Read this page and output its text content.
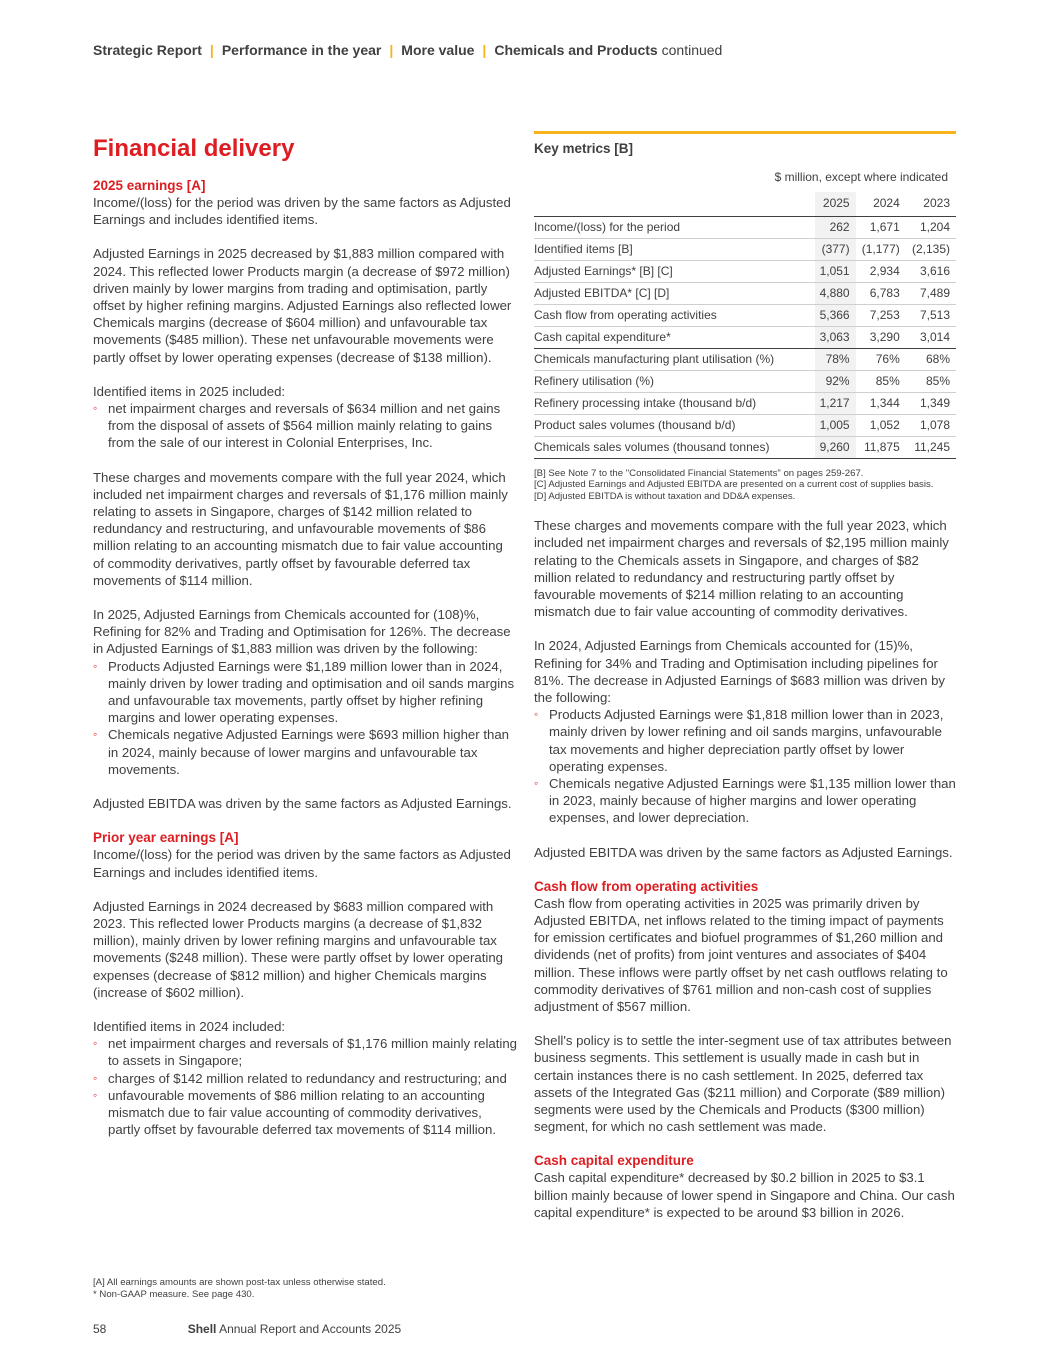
Strategic Report | Performance in the year | More value | Chemicals and Products continued
Financial delivery
2025 earnings [A]

Income/(loss) for the period was driven by the same factors as Adjusted Earnings and includes identified items.

Adjusted Earnings in 2025 decreased by $1,883 million compared with 2024. This reflected lower Products margin (a decrease of $972 million) driven mainly by lower margins from trading and optimisation, partly offset by higher refining margins. Adjusted Earnings also reflected lower Chemicals margins (decrease of $604 million) and unfavourable tax movements ($485 million). These net unfavourable movements were partly offset by lower operating expenses (decrease of $138 million).

Identified items in 2025 included:

◦ net impairment charges and reversals of $634 million and net gains from the disposal of assets of $564 million mainly relating to gains from the sale of our interest in Colonial Enterprises, Inc.

These charges and movements compare with the full year 2024, which included net impairment charges and reversals of $1,176 million mainly relating to assets in Singapore, charges of $142 million related to redundancy and restructuring, and unfavourable movements of $86 million relating to an accounting mismatch due to fair value accounting of commodity derivatives, partly offset by favourable deferred tax movements of $114 million.

In 2025, Adjusted Earnings from Chemicals accounted for (108)%, Refining for 82% and Trading and Optimisation for 126%. The decrease in Adjusted Earnings of $1,883 million was driven by the following:

◦ Products Adjusted Earnings were $1,189 million lower than in 2024, mainly driven by lower trading and optimisation and oil sands margins and unfavourable tax movements, partly offset by higher refining margins and lower operating expenses.
◦ Chemicals negative Adjusted Earnings were $693 million higher than in 2024, mainly because of lower margins and unfavourable tax movements.

Adjusted EBITDA was driven by the same factors as Adjusted Earnings.

Prior year earnings [A]

Income/(loss) for the period was driven by the same factors as Adjusted Earnings and includes identified items.

Adjusted Earnings in 2024 decreased by $683 million compared with 2023. This reflected lower Products margins (a decrease of $1,832 million), mainly driven by lower refining margins and unfavourable tax movements ($248 million). These were partly offset by lower operating expenses (decrease of $812 million) and higher Chemicals margins (increase of $602 million).

Identified items in 2024 included:

◦ net impairment charges and reversals of $1,176 million mainly relating to assets in Singapore;
◦ charges of $142 million related to redundancy and restructuring; and
◦ unfavourable movements of $86 million relating to an accounting mismatch due to fair value accounting of commodity derivatives, partly offset by favourable deferred tax movements of $114 million.
Key metrics [B]
$ million, except where indicated
	2025	2024	2023
Income/(loss) for the period	262	1,671	1,204
Identified items [B]	(377)	(1,177)	(2,135)
Adjusted Earnings* [B] [C]	1,051	2,934	3,616
Adjusted EBITDA* [C] [D]	4,880	6,783	7,489
Cash flow from operating activities	5,366	7,253	7,513
Cash capital expenditure*	3,063	3,290	3,014
Chemicals manufacturing plant utilisation (%)	78%	76%	68%
Refinery utilisation (%)	92%	85%	85%
Refinery processing intake (thousand b/d)	1,217	1,344	1,349
Product sales volumes (thousand b/d)	1,005	1,052	1,078
Chemicals sales volumes (thousand tonnes)	9,260	11,875	11,245
[B] See Note 7 to the "Consolidated Financial Statements" on pages 259-267.
[C] Adjusted Earnings and Adjusted EBITDA are presented on a current cost of supplies basis.
[D] Adjusted EBITDA is without taxation and DD&A expenses.

These charges and movements compare with the full year 2023, which included net impairment charges and reversals of $2,195 million mainly relating to the Chemicals assets in Singapore, and charges of $82 million related to redundancy and restructuring partly offset by favourable movements of $214 million relating to an accounting mismatch due to fair value accounting of commodity derivatives.

In 2024, Adjusted Earnings from Chemicals accounted for (15)%, Refining for 34% and Trading and Optimisation including pipelines for 81%. The decrease in Adjusted Earnings of $683 million was driven by the following:

◦ Products Adjusted Earnings were $1,818 million lower than in 2023, mainly driven by lower refining and oil sands margins, unfavourable tax movements and higher depreciation partly offset by lower operating expenses.
◦ Chemicals negative Adjusted Earnings were $1,135 million lower than in 2023, mainly because of higher margins and lower operating expenses, and lower depreciation.

Adjusted EBITDA was driven by the same factors as Adjusted Earnings.

Cash flow from operating activities

Cash flow from operating activities in 2025 was primarily driven by Adjusted EBITDA, net inflows related to the timing impact of payments for emission certificates and biofuel programmes of $1,260 million and dividends (net of profits) from joint ventures and associates of $404 million. These inflows were partly offset by net cash outflows relating to commodity derivatives of $761 million and non-cash cost of supplies adjustment of $567 million.

Shell's policy is to settle the inter-segment use of tax attributes between business segments. This settlement is usually made in cash but in certain instances there is no cash settlement. In 2025, deferred tax assets of the Integrated Gas ($211 million) and Corporate ($89 million) segments were used by the Chemicals and Products ($300 million) segment, for which no cash settlement was made.

Cash capital expenditure

Cash capital expenditure* decreased by $0.2 billion in 2025 to $3.1 billion mainly because of lower spend in Singapore and China. Our cash capital expenditure* is expected to be around $3 billion in 2026.

[A] All earnings amounts are shown post-tax unless otherwise stated.
* Non-GAAP measure. See page 430.
58	Shell Annual Report and Accounts 2025
